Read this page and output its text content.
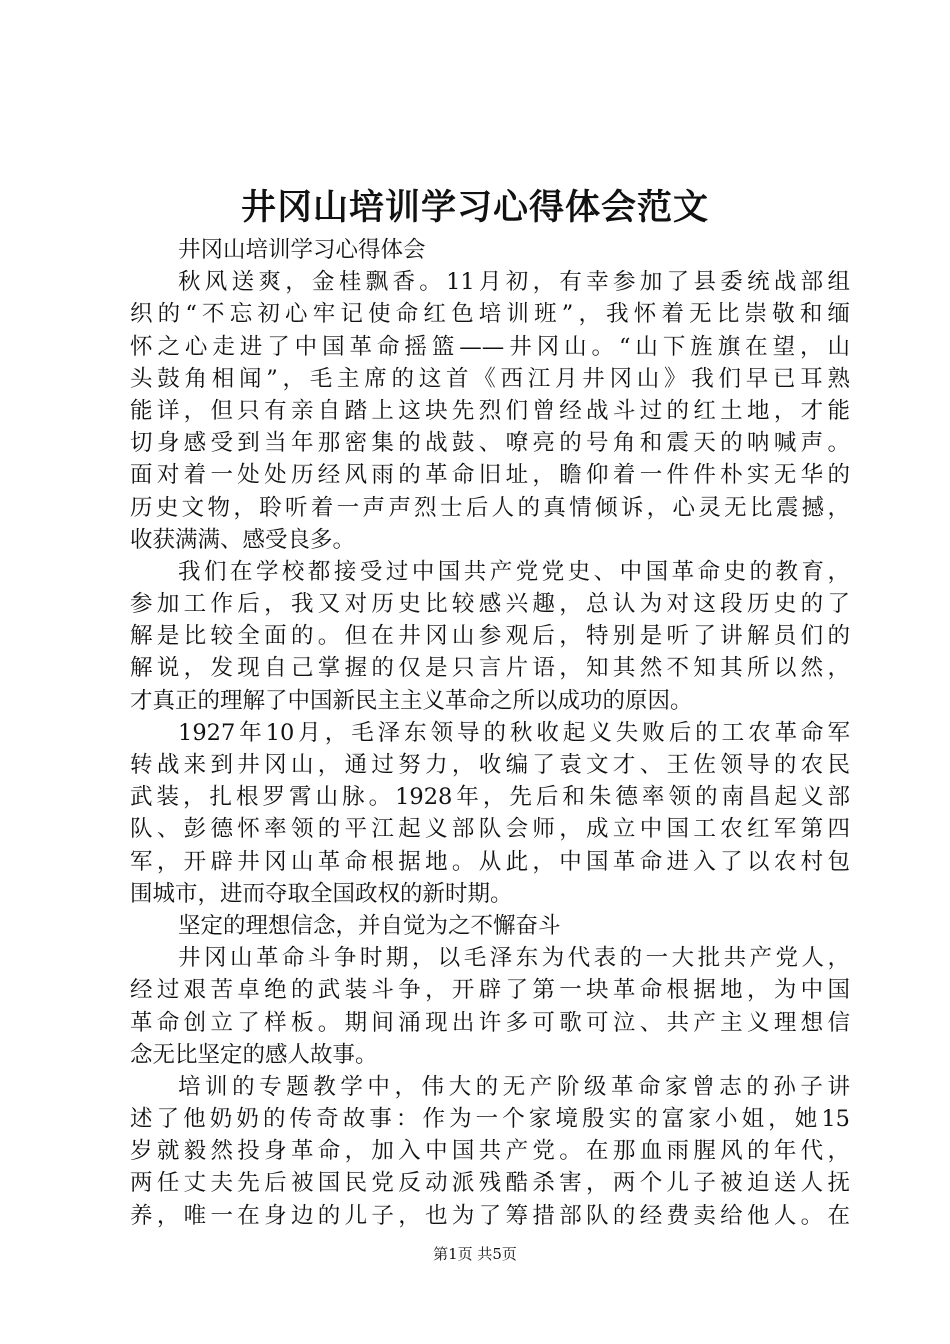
井冈山培训学习心得体会范文
井冈山培训学习心得体会
秋风送爽，金桂飘香。11月初，有幸参加了县委统战部组
织的“不忘初心牢记使命红色培训班”，我怀着无比崇敬和缅
怀之心走进了中国革命摇篮——井冈山。“山下旌旗在望，山
头鼓角相闻”，毛主席的这首《西江月井冈山》我们早已耳熟
能详，但只有亲自踏上这块先烈们曾经战斗过的红土地，才能
切身感受到当年那密集的战鼓、嘹亮的号角和震天的呐喊声。
面对着一处处历经风雨的革命旧址，瞻仰着一件件朴实无华的
历史文物，聆听着一声声烈士后人的真情倾诉，心灵无比震撼，
收获满满、感受良多。
我们在学校都接受过中国共产党党史、中国革命史的教育，
参加工作后，我又对历史比较感兴趣，总认为对这段历史的了
解是比较全面的。但在井冈山参观后，特别是听了讲解员们的
解说，发现自己掌握的仅是只言片语，知其然不知其所以然，
才真正的理解了中国新民主主义革命之所以成功的原因。
1927年10月，毛泽东领导的秋收起义失败后的工农革命军
转战来到井冈山，通过努力，收编了袁文才、王佐领导的农民
武装，扎根罗霄山脉。1928年，先后和朱德率领的南昌起义部
队、彭德怀率领的平江起义部队会师，成立中国工农红军第四
军，开辟井冈山革命根据地。从此，中国革命进入了以农村包
围城市，进而夺取全国政权的新时期。
坚定的理想信念，并自觉为之不懈奋斗
井冈山革命斗争时期，以毛泽东为代表的一大批共产党人，
经过艰苦卓绝的武装斗争，开辟了第一块革命根据地，为中国
革命创立了样板。期间涌现出许多可歌可泣、共产主义理想信
念无比坚定的感人故事。
培训的专题教学中，伟大的无产阶级革命家曾志的孙子讲
述了他奶奶的传奇故事：作为一个家境殷实的富家小姐，她15
岁就毅然投身革命，加入中国共产党。在那血雨腥风的年代，
两任丈夫先后被国民党反动派残酷杀害，两个儿子被迫送人抚
养，唯一在身边的儿子，也为了筹措部队的经费卖给他人。在
第1页 共5页
